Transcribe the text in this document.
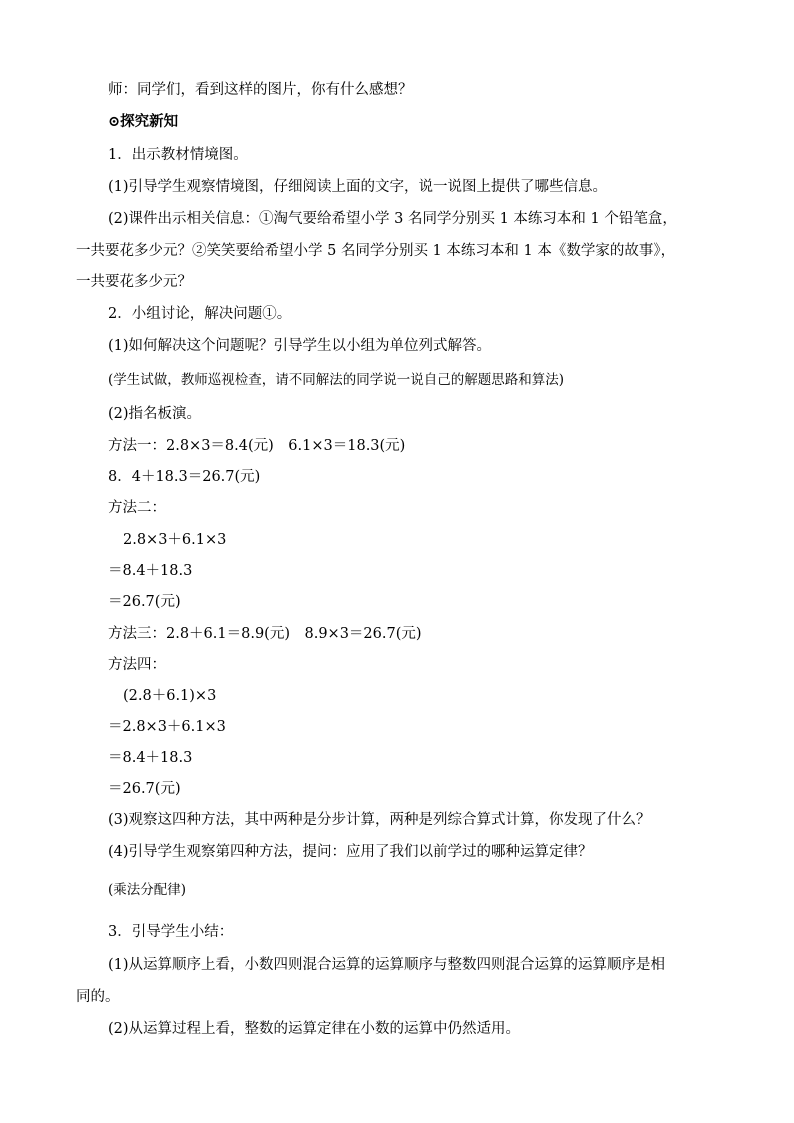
师：同学们，看到这样的图片，你有什么感想？
⊙探究新知
1．出示教材情境图。
(1)引导学生观察情境图，仔细阅读上面的文字，说一说图上提供了哪些信息。
(2)课件出示相关信息：①淘气要给希望小学 3 名同学分别买 1 本练习本和 1 个铅笔盒，
一共要花多少元？②笑笑要给希望小学 5 名同学分别买 1 本练习本和 1 本《数学家的故事》，
一共要花多少元？
2．小组讨论，解决问题①。
(1)如何解决这个问题呢？引导学生以小组为单位列式解答。
(学生试做，教师巡视检查，请不同解法的同学说一说自己的解题思路和算法)
(2)指名板演。
方法一：2.8×3＝8.4(元)　6.1×3＝18.3(元)
8．4＋18.3＝26.7(元)
方法二：
2.8×3＋6.1×3
＝8.4＋18.3
＝26.7(元)
方法三：2.8＋6.1＝8.9(元)　8.9×3＝26.7(元)
方法四：
(2.8＋6.1)×3
＝2.8×3＋6.1×3
＝8.4＋18.3
＝26.7(元)
(3)观察这四种方法，其中两种是分步计算，两种是列综合算式计算，你发现了什么？
(4)引导学生观察第四种方法，提问：应用了我们以前学过的哪种运算定律？
(乘法分配律)
3．引导学生小结：
(1)从运算顺序上看，小数四则混合运算的运算顺序与整数四则混合运算的运算顺序是相
同的。
(2)从运算过程上看，整数的运算定律在小数的运算中仍然适用。
